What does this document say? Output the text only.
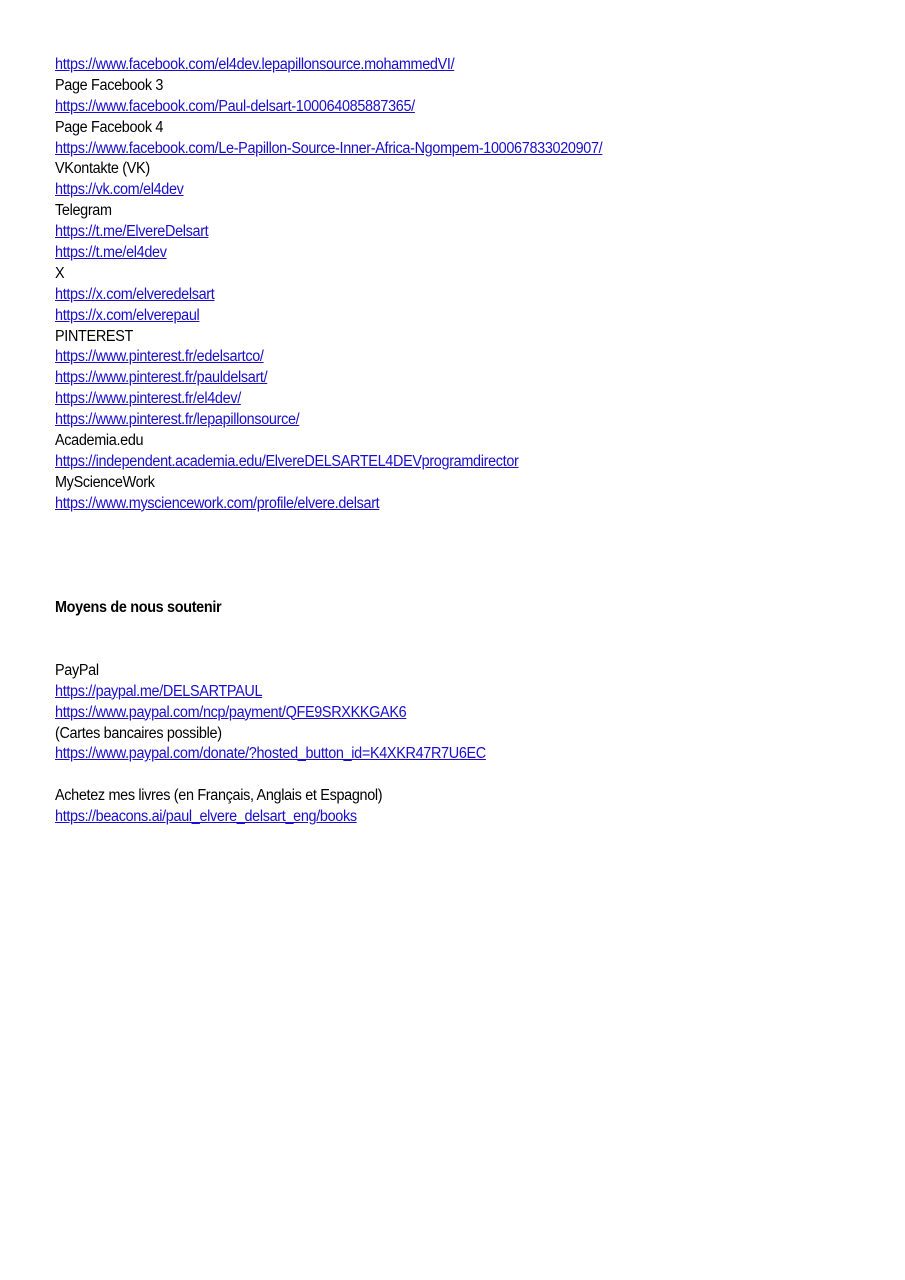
https://www.facebook.com/el4dev.lepapillonsource.mohammedVI/
Page Facebook 3
https://www.facebook.com/Paul-delsart-100064085887365/
Page Facebook 4
https://www.facebook.com/Le-Papillon-Source-Inner-Africa-Ngompem-100067833020907/
VKontakte (VK)
https://vk.com/el4dev
Telegram
https://t.me/ElvereDelsart
https://t.me/el4dev
X
https://x.com/elveredelsart
https://x.com/elverepaul
PINTEREST
https://www.pinterest.fr/edelsartco/
https://www.pinterest.fr/pauldelsart/
https://www.pinterest.fr/el4dev/
https://www.pinterest.fr/lepapillonsource/
Academia.edu
https://independent.academia.edu/ElvereDELSARTEL4DEVprogramdirector
MyScienceWork
https://www.mysciencework.com/profile/elvere.delsart
Moyens de nous soutenir
PayPal
https://paypal.me/DELSARTPAUL
https://www.paypal.com/ncp/payment/QFE9SRXKKGAK6
(Cartes bancaires possible)
https://www.paypal.com/donate/?hosted_button_id=K4XKR47R7U6EC
Achetez mes livres (en Français, Anglais et Espagnol)
https://beacons.ai/paul_elvere_delsart_eng/books
